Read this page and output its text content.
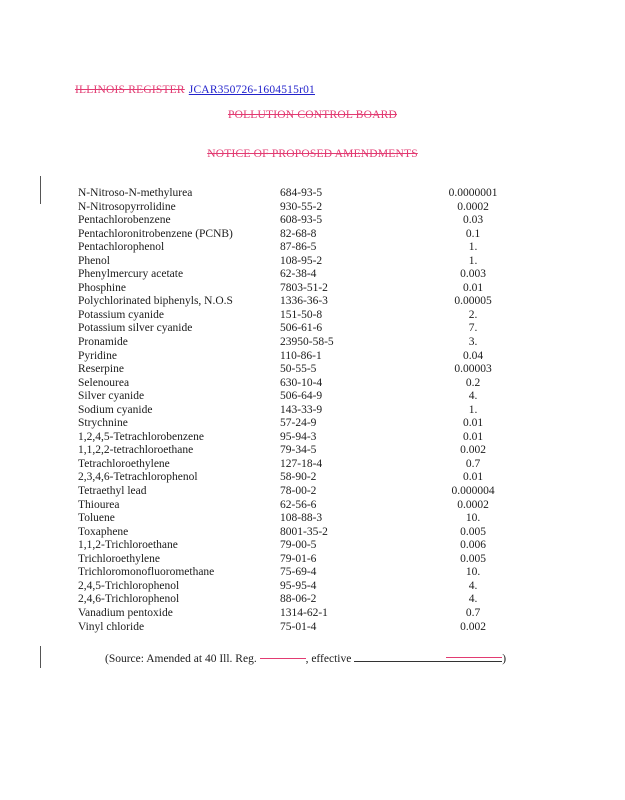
ILLINOIS REGISTER JCAR350726-1604515r01
POLLUTION CONTROL BOARD
NOTICE OF PROPOSED AMENDMENTS
N-Nitroso-N-methylurea	684-93-5	0.0000001
N-Nitrosopyrrolidine	930-55-2	0.0002
Pentachlorobenzene	608-93-5	0.03
Pentachloronitrobenzene (PCNB)	82-68-8	0.1
Pentachlorophenol	87-86-5	1.
Phenol	108-95-2	1.
Phenylmercury acetate	62-38-4	0.003
Phosphine	7803-51-2	0.01
Polychlorinated biphenyls, N.O.S	1336-36-3	0.00005
Potassium cyanide	151-50-8	2.
Potassium silver cyanide	506-61-6	7.
Pronamide	23950-58-5	3.
Pyridine	110-86-1	0.04
Reserpine	50-55-5	0.00003
Selenourea	630-10-4	0.2
Silver cyanide	506-64-9	4.
Sodium cyanide	143-33-9	1.
Strychnine	57-24-9	0.01
1,2,4,5-Tetrachlorobenzene	95-94-3	0.01
1,1,2,2-tetrachloroethane	79-34-5	0.002
Tetrachloroethylene	127-18-4	0.7
2,3,4,6-Tetrachlorophenol	58-90-2	0.01
Tetraethyl lead	78-00-2	0.000004
Thiourea	62-56-6	0.0002
Toluene	108-88-3	10.
Toxaphene	8001-35-2	0.005
1,1,2-Trichloroethane	79-00-5	0.006
Trichloroethylene	79-01-6	0.005
Trichloromonofluoromethane	75-69-4	10.
2,4,5-Trichlorophenol	95-95-4	4.
2,4,6-Trichlorophenol	88-06-2	4.
Vanadium pentoxide	1314-62-1	0.7
Vinyl chloride	75-01-4	0.002
(Source: Amended at 40 Ill. Reg.	, effective	)
